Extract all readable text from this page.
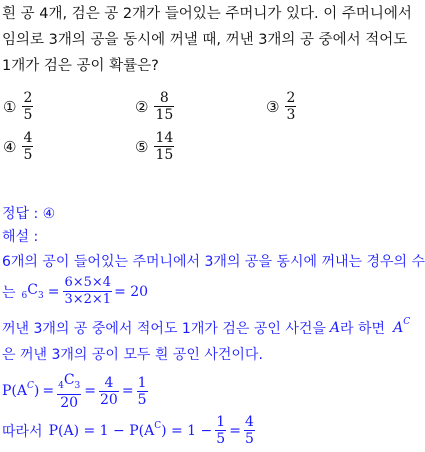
흰 공 4개, 검은 공 2개가 들어있는 주머니가 있다. 이 주머니에서
임의로 3개의 공을 동시에 꺼낼 때, 꺼낸 3개의 공 중에서 적어도
1개가 검은 공이 확률은?
① $\frac{2}{5}$	② $\frac{8}{15}$	③ $\frac{2}{3}$
④ $\frac{4}{5}$	⑤ $\frac{14}{15}$
정답 : ④
해설 :
6개의 공이 들어있는 주머니에서 3개의 공을 동시에 꺼내는 경우의 수
는 $_6C_3 = \frac{6\times 5\times 4}{3\times 2\times 1} = 20$
꺼낸 3개의 공 중에서 적어도 1개가 검은 공인 사건을 A 라 하면 $A^C$
은 꺼낸 3개의 공이 모두 흰 공인 사건이다.
$P(A^C$ ) = $\frac{_4C_3}{20} = \frac{4}{20} = \frac{1}{5}$
따라서 $P(A) = 1 - P(A^C$ ) = $1 - \frac{1}{5} = \frac{4}{5}$
